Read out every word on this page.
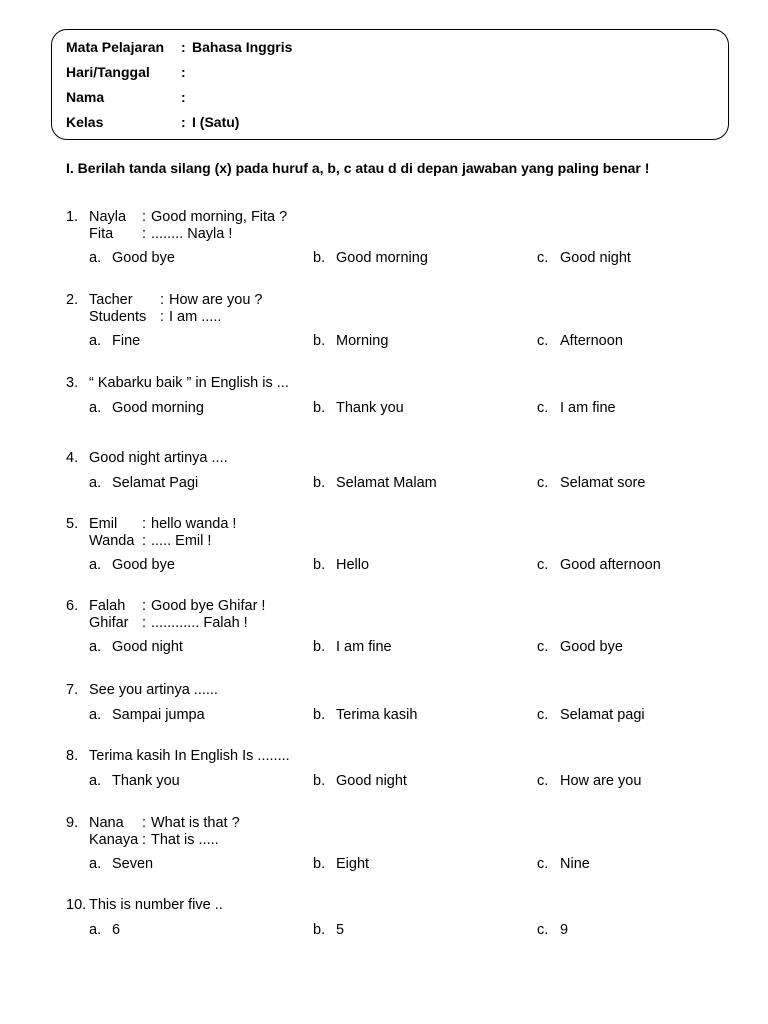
Mata Pelajaran : Bahasa Inggris
Hari/Tanggal :
Nama	:
Kelas	: I (Satu)
I. Berilah tanda silang (x) pada huruf a, b, c atau d di depan jawaban yang paling benar !
1. Nayla : Good morning, Fita ?
Fita : ........ Nayla !
a. Good bye	b. Good morning	c. Good night
2. Tacher : How are you ?
Students : I am .....
a. Fine	b. Morning	c. Afternoon
3. “ Kabarku baik ” in English is ...
a. Good morning	b. Thank you	c. I am fine
4. Good night artinya ....
a. Selamat Pagi	b. Selamat Malam	c. Selamat sore
5. Emil : hello wanda !
Wanda : ..... Emil !
a. Good bye	b. Hello	c. Good afternoon
6. Falah : Good bye Ghifar !
Ghifar : ............ Falah !
a. Good night	b. I am fine	c. Good bye
7. See you artinya ......
a. Sampai jumpa	b. Terima kasih	c. Selamat pagi
8. Terima kasih In English Is ........
a. Thank you	b. Good night	c. How are you
9. Nana : What is that ?
Kanaya : That is .....
a. Seven	b. Eight	c. Nine
10. This is number five ..
a. 6	b. 5	c. 9
